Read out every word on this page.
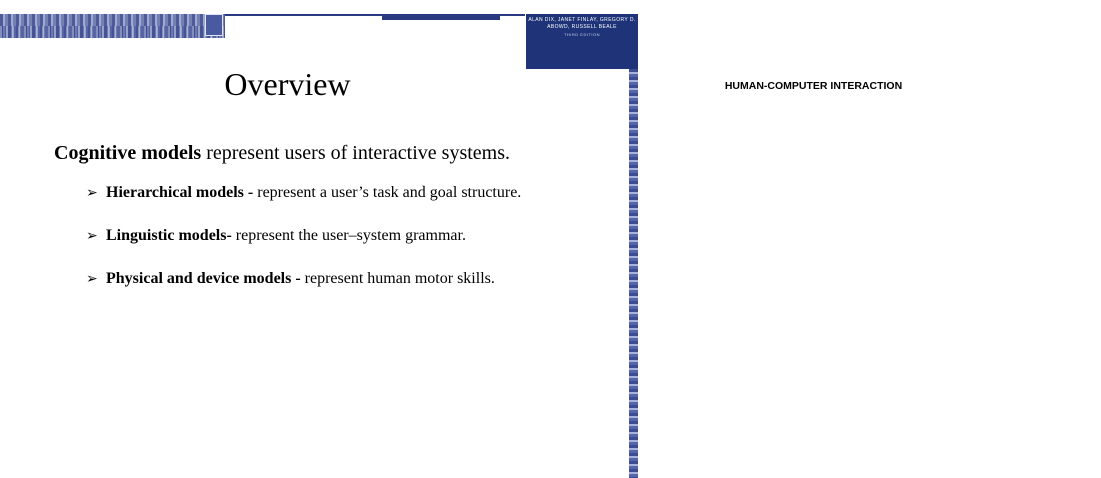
ALAN DIX, JANET FINLAY, GREGORY D. ABOWD, RUSSELL BEALE
HUMAN-COMPUTER INTERACTION
THIRD EDITION
Overview
Cognitive models represent users of interactive systems.
➢ Hierarchical models - represent a user’s task and goal structure.
➢ Linguistic models- represent the user–system grammar.
➢ Physical and device models - represent human motor skills.
